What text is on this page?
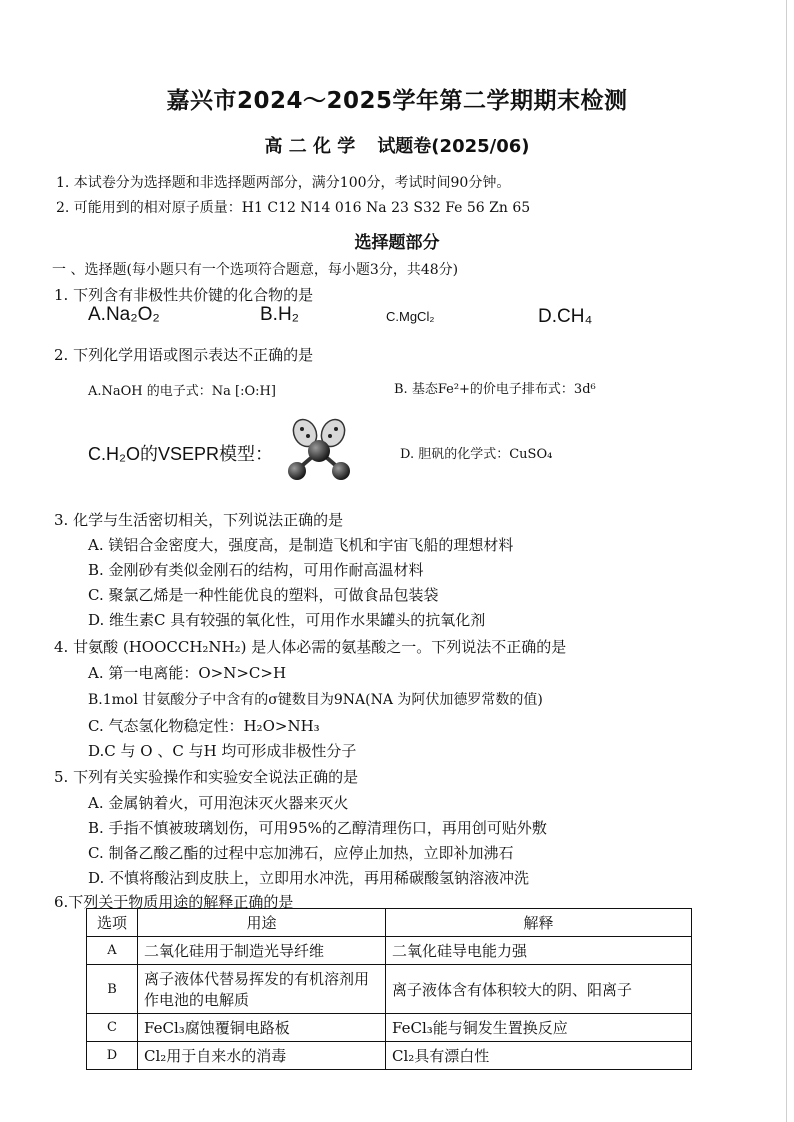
嘉兴市2024～2025学年第二学期期末检测
高 二 化 学 试题卷(2025/06)
1. 本试卷分为选择题和非选择题两部分，满分100分，考试时间90分钟。
2. 可能用到的相对原子质量：H1 C12 N14 016 Na 23 S32 Fe 56 Zn 65
选择题部分
一 、选择题(每小题只有一个选项符合题意，每小题3分，共48分)
1. 下列含有非极性共价键的化合物的是
A.Na₂O₂	B.H₂	C.MgCl₂	D.CH₄
2. 下列化学用语或图示表达不正确的是
A.NaOH 的电子式：Na [:O:H]	B. 基态Fe²+的价电子排布式：3d⁶
C.H₂O的VSEPR模型：	D. 胆矾的化学式：CuSO₄
3. 化学与生活密切相关，下列说法正确的是
A. 镁铝合金密度大，强度高，是制造飞机和宇宙飞船的理想材料
B. 金刚砂有类似金刚石的结构，可用作耐高温材料
C. 聚氯乙烯是一种性能优良的塑料，可做食品包装袋
D. 维生素C 具有较强的氧化性，可用作水果罐头的抗氧化剂
4. 甘氨酸 (HOOCCH₂NH₂) 是人体必需的氨基酸之一。下列说法不正确的是
A. 第一电离能：O>N>C>H
B.1mol 甘氨酸分子中含有的σ键数目为9NA(NA 为阿伏加德罗常数的值)
C. 气态氢化物稳定性：H₂O>NH₃
D.C 与 O 、C 与H 均可形成非极性分子
5. 下列有关实验操作和实验安全说法正确的是
A. 金属钠着火，可用泡沫灭火器来灭火
B. 手指不慎被玻璃划伤，可用95%的乙醇清理伤口，再用创可贴外敷
C. 制备乙酸乙酯的过程中忘加沸石，应停止加热，立即补加沸石
D. 不慎将酸沾到皮肤上，立即用水冲洗，再用稀碳酸氢钠溶液冲洗
6.下列关于物质用途的解释正确的是
选项	用途	解释
A	二氧化硅用于制造光导纤维	二氧化硅导电能力强
B	离子液体代替易挥发的有机溶剂用作电池的电解质	离子液体含有体积较大的阴、阳离子
C	FeCl₃腐蚀覆铜电路板	FeCl₃能与铜发生置换反应
D	Cl₂用于自来水的消毒	Cl₂具有漂白性
